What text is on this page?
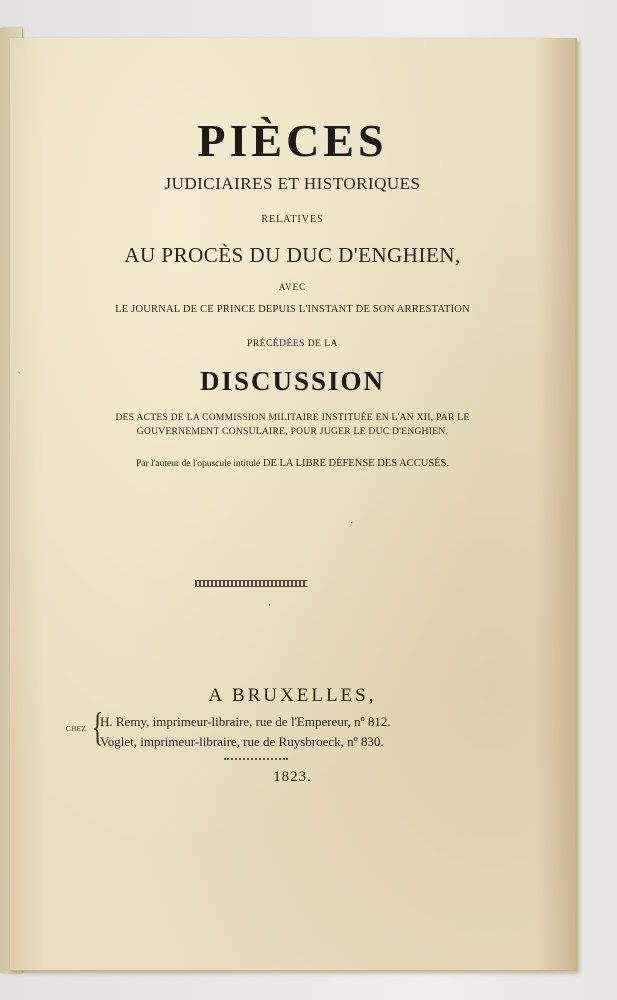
PIÈCES
JUDICIAIRES ET HISTORIQUES
RELATIVES
AU PROCÈS DU DUC D'ENGHIEN,
AVEC
LE JOURNAL DE CE PRINCE DEPUIS L'INSTANT DE SON ARRESTATION
PRÉCÉDÉES DE LA
DISCUSSION
DES ACTES DE LA COMMISSION MILITAIRE INSTITUÉE EN L'AN XII, PAR LE
GOUVERNEMENT CONSULAIRE, POUR JUGER LE DUC D'ENGHIEN.
Par l'auteur de l'opuscule intitulé DE LA LIBRE DÉFENSE DES ACCUSÉS.
A BRUXELLES,
CHEZ {
H. Remy, imprimeur-libraire, rue de l'Empereur, nº 812.
Voglet, imprimeur-libraire, rue de Ruysbroeck, nº 830.
1823.
·
·
ˈ
